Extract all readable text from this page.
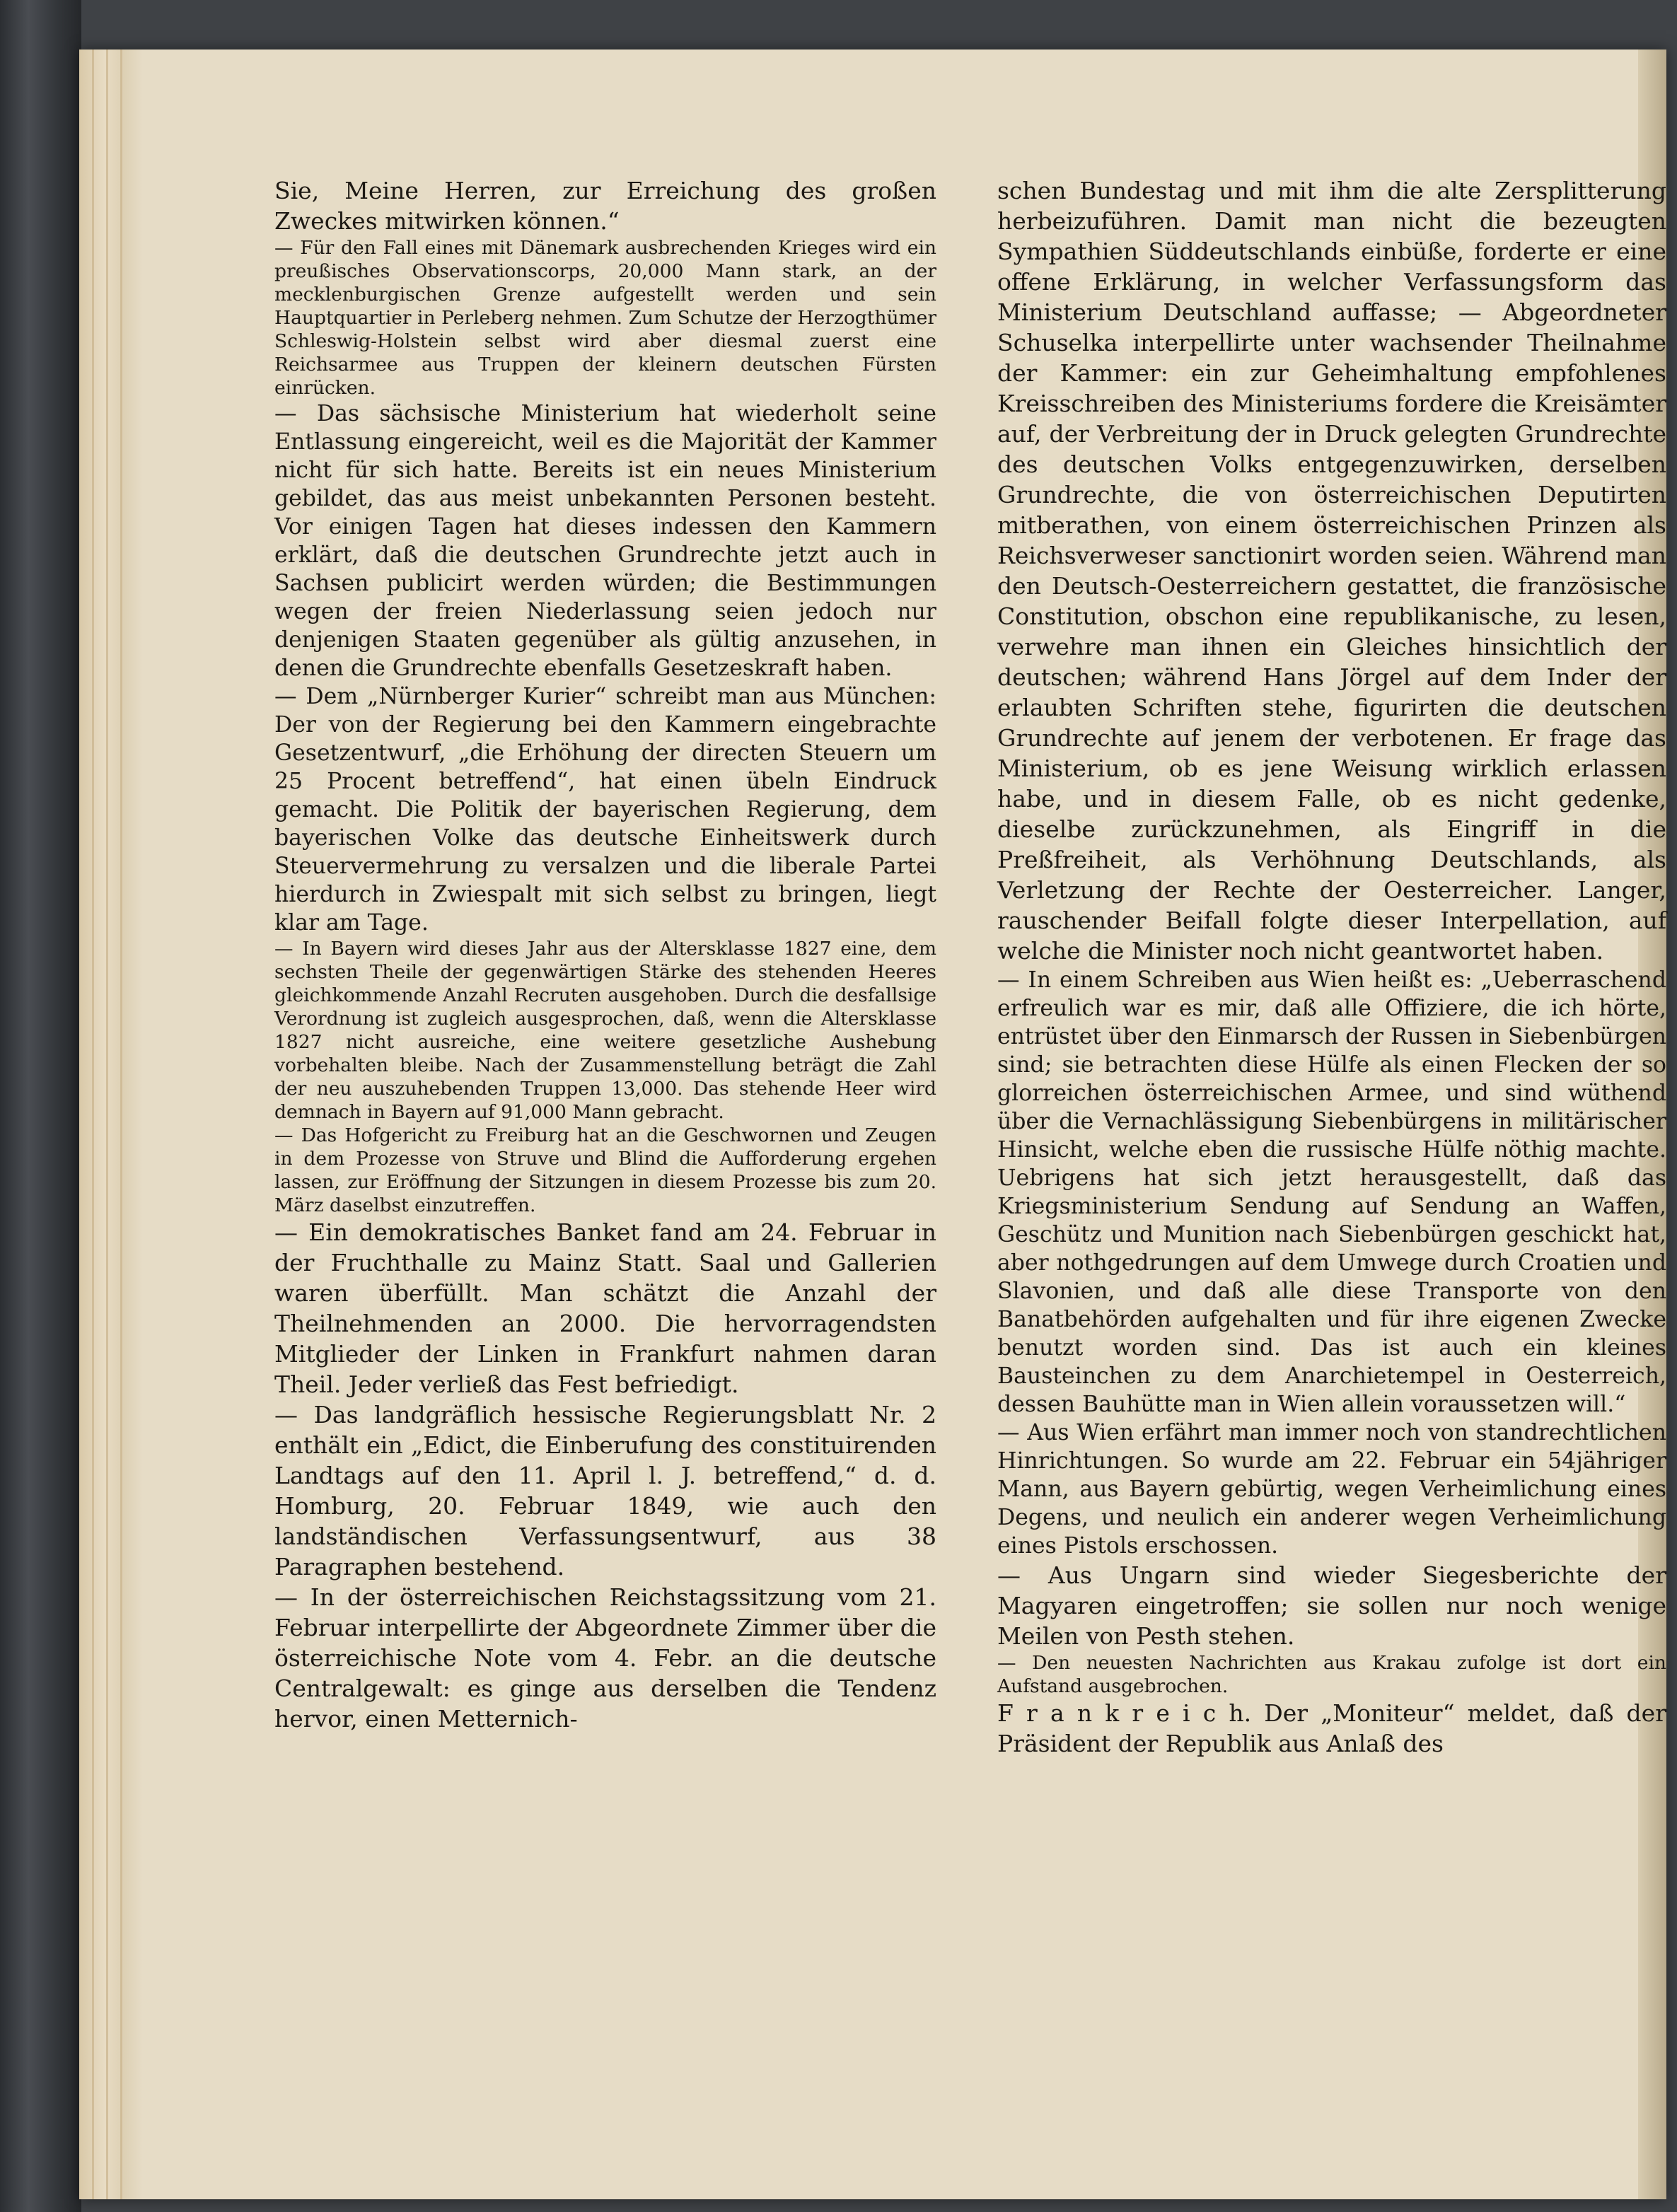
Sie, Meine Herren, zur Erreichung des großen Zweckes mitwirken können.“

— Für den Fall eines mit Dänemark ausbrechenden Krieges wird ein preußisches Observationscorps, 20,000 Mann stark, an der mecklenburgischen Grenze aufgestellt werden und sein Hauptquartier in Perleberg nehmen. Zum Schutze der Herzogthümer Schleswig-Holstein selbst wird aber diesmal zuerst eine Reichsarmee aus Truppen der kleinern deutschen Fürsten einrücken.

— Das sächsische Ministerium hat wiederholt seine Entlassung eingereicht, weil es die Majorität der Kammer nicht für sich hatte. Bereits ist ein neues Ministerium gebildet, das aus meist unbekannten Personen besteht. Vor einigen Tagen hat dieses indessen den Kammern erklärt, daß die deutschen Grundrechte jetzt auch in Sachsen publicirt werden würden; die Bestimmungen wegen der freien Niederlassung seien jedoch nur denjenigen Staaten gegenüber als gültig anzusehen, in denen die Grundrechte ebenfalls Gesetzeskraft haben.

— Dem „Nürnberger Kurier“ schreibt man aus München: Der von der Regierung bei den Kammern eingebrachte Gesetzentwurf, „die Erhöhung der directen Steuern um 25 Procent betreffend“, hat einen übeln Eindruck gemacht. Die Politik der bayerischen Regierung, dem bayerischen Volke das deutsche Einheitswerk durch Steuervermehrung zu versalzen und die liberale Partei hierdurch in Zwiespalt mit sich selbst zu bringen, liegt klar am Tage.

— In Bayern wird dieses Jahr aus der Altersklasse 1827 eine, dem sechsten Theile der gegenwärtigen Stärke des stehenden Heeres gleichkommende Anzahl Recruten ausgehoben. Durch die desfallsige Verordnung ist zugleich ausgesprochen, daß, wenn die Altersklasse 1827 nicht ausreiche, eine weitere gesetzliche Aushebung vorbehalten bleibe. Nach der Zusammenstellung beträgt die Zahl der neu auszuhebenden Truppen 13,000. Das stehende Heer wird demnach in Bayern auf 91,000 Mann gebracht.

— Das Hofgericht zu Freiburg hat an die Geschwornen und Zeugen in dem Prozesse von Struve und Blind die Aufforderung ergehen lassen, zur Eröffnung der Sitzungen in diesem Prozesse bis zum 20. März daselbst einzutreffen.

— Ein demokratisches Banket fand am 24. Februar in der Fruchthalle zu Mainz Statt. Saal und Gallerien waren überfüllt. Man schätzt die Anzahl der Theilnehmenden an 2000. Die hervorragendsten Mitglieder der Linken in Frankfurt nahmen daran Theil. Jeder verließ das Fest befriedigt.

— Das landgräflich hessische Regierungsblatt Nr. 2 enthält ein „Edict, die Einberufung des constituirenden Landtags auf den 11. April l. J. betreffend,“ d. d. Homburg, 20. Februar 1849, wie auch den landständischen Verfassungsentwurf, aus 38 Paragraphen bestehend.

— In der österreichischen Reichstagssitzung vom 21. Februar interpellirte der Abgeordnete Zimmer über die österreichische Note vom 4. Febr. an die deutsche Centralgewalt: es ginge aus derselben die Tendenz hervor, einen Metternich-

schen Bundestag und mit ihm die alte Zersplitterung herbeizuführen. Damit man nicht die bezeugten Sympathien Süddeutschlands einbüße, forderte er eine offene Erklärung, in welcher Verfassungsform das Ministerium Deutschland auffasse; — Abgeordneter Schuselka interpellirte unter wachsender Theilnahme der Kammer: ein zur Geheimhaltung empfohlenes Kreisschreiben des Ministeriums fordere die Kreisämter auf, der Verbreitung der in Druck gelegten Grundrechte des deutschen Volks entgegenzuwirken, derselben Grundrechte, die von österreichischen Deputirten mitberathen, von einem österreichischen Prinzen als Reichsverweser sanctionirt worden seien. Während man den Deutsch-Oesterreichern gestattet, die französische Constitution, obschon eine republikanische, zu lesen, verwehre man ihnen ein Gleiches hinsichtlich der deutschen; während Hans Jörgel auf dem Inder der erlaubten Schriften stehe, figurirten die deutschen Grundrechte auf jenem der verbotenen. Er frage das Ministerium, ob es jene Weisung wirklich erlassen habe, und in diesem Falle, ob es nicht gedenke, dieselbe zurückzunehmen, als Eingriff in die Preßfreiheit, als Verhöhnung Deutschlands, als Verletzung der Rechte der Oesterreicher. Langer, rauschender Beifall folgte dieser Interpellation, auf welche die Minister noch nicht geantwortet haben.

— In einem Schreiben aus Wien heißt es: „Ueberraschend erfreulich war es mir, daß alle Offiziere, die ich hörte, entrüstet über den Einmarsch der Russen in Siebenbürgen sind; sie betrachten diese Hülfe als einen Flecken der so glorreichen österreichischen Armee, und sind wüthend über die Vernachlässigung Siebenbürgens in militärischer Hinsicht, welche eben die russische Hülfe nöthig machte. Uebrigens hat sich jetzt herausgestellt, daß das Kriegsministerium Sendung auf Sendung an Waffen, Geschütz und Munition nach Siebenbürgen geschickt hat, aber nothgedrungen auf dem Umwege durch Croatien und Slavonien, und daß alle diese Transporte von den Banatbehörden aufgehalten und für ihre eigenen Zwecke benutzt worden sind. Das ist auch ein kleines Bausteinchen zu dem Anarchietempel in Oesterreich, dessen Bauhütte man in Wien allein voraussetzen will.“

— Aus Wien erfährt man immer noch von standrechtlichen Hinrichtungen. So wurde am 22. Februar ein 54jähriger Mann, aus Bayern gebürtig, wegen Verheimlichung eines Degens, und neulich ein anderer wegen Verheimlichung eines Pistols erschossen.

— Aus Ungarn sind wieder Siegesberichte der Magyaren eingetroffen; sie sollen nur noch wenige Meilen von Pesth stehen.

— Den neuesten Nachrichten aus Krakau zufolge ist dort ein Aufstand ausgebrochen.

F r a n k r e i c h. Der „Moniteur“ meldet, daß der Präsident der Republik aus Anlaß des
